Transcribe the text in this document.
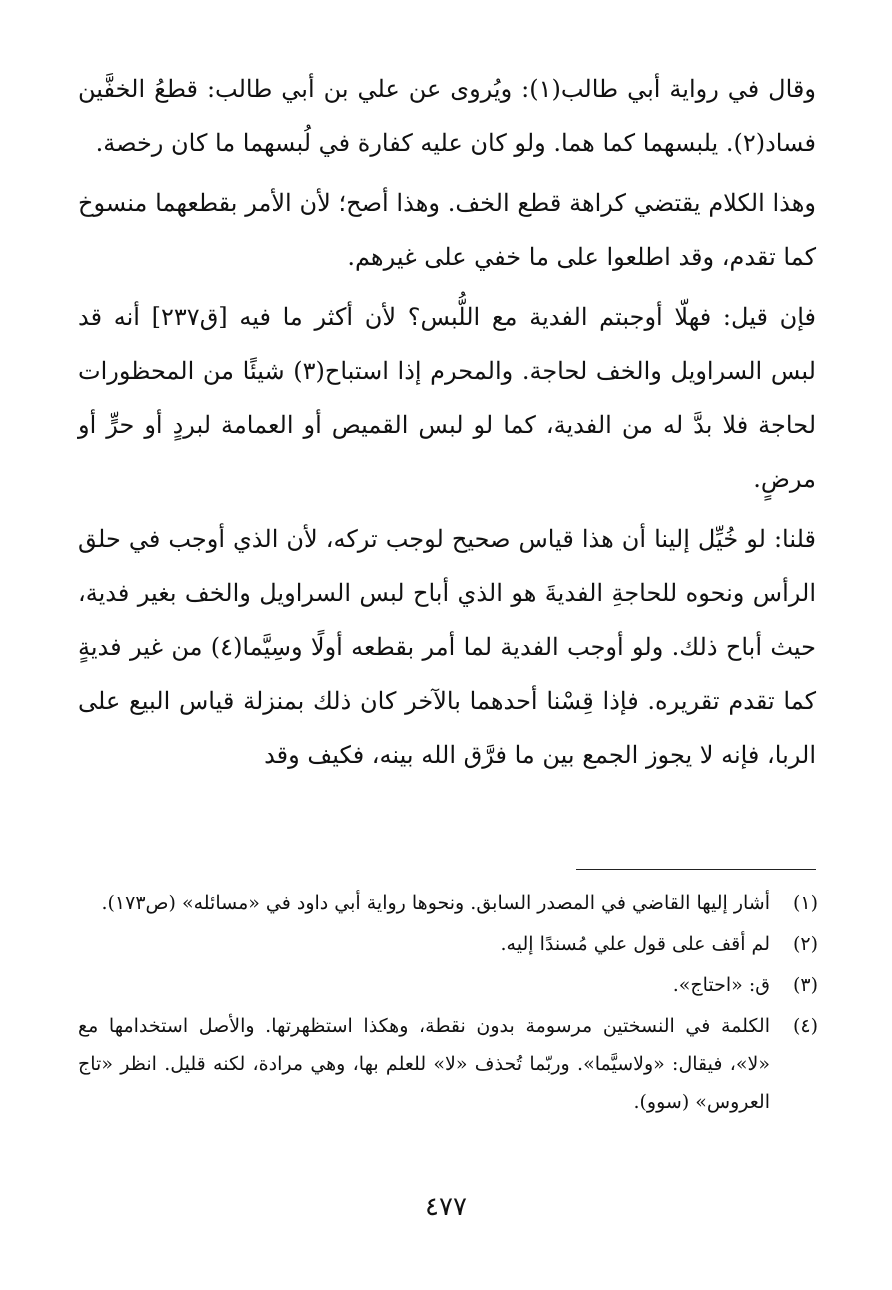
وقال في رواية أبي طالب(١): ويُروى عن علي بن أبي طالب: قطعُ الخفَّين فساد(٢). يلبسهما كما هما. ولو كان عليه كفارة في لُبسهما ما كان رخصة.

وهذا الكلام يقتضي كراهة قطع الخف. وهذا أصح؛ لأن الأمر بقطعهما منسوخ كما تقدم، وقد اطلعوا على ما خفي على غيرهم.

فإن قيل: فهلّا أوجبتم الفدية مع اللُّبس؟ لأن أكثر ما فيه [ق٢٣٧] أنه قد لبس السراويل والخف لحاجة. والمحرم إذا استباح(٣) شيئًا من المحظورات لحاجة فلا بدَّ له من الفدية، كما لو لبس القميص أو العمامة لبردٍ أو حرٍّ أو مرضٍ.

قلنا: لو خُيِّل إلينا أن هذا قياس صحيح لوجب تركه، لأن الذي أوجب في حلق الرأس ونحوه للحاجةِ الفديةَ هو الذي أباح لبس السراويل والخف بغير فدية، حيث أباح ذلك. ولو أوجب الفدية لما أمر بقطعه أولًا وسِيَّما(٤) من غير فديةٍ كما تقدم تقريره. فإذا قِسْنا أحدهما بالآخر كان ذلك بمنزلة قياس البيع على الربا، فإنه لا يجوز الجمع بين ما فرَّق الله بينه، فكيف وقد

(١)
أشار إليها القاضي في المصدر السابق. ونحوها رواية أبي داود في «مسائله» (ص١٧٣).
(٢)
لم أقف على قول علي مُسندًا إليه.
(٣)
ق: «احتاج».
(٤)
الكلمة في النسختين مرسومة بدون نقطة، وهكذا استظهرتها. والأصل استخدامها مع «لا»، فيقال: «ولاسيَّما». وربّما تُحذف «لا» للعلم بها، وهي مرادة، لكنه قليل. انظر «تاج العروس» (سوو).
٤٧٧
